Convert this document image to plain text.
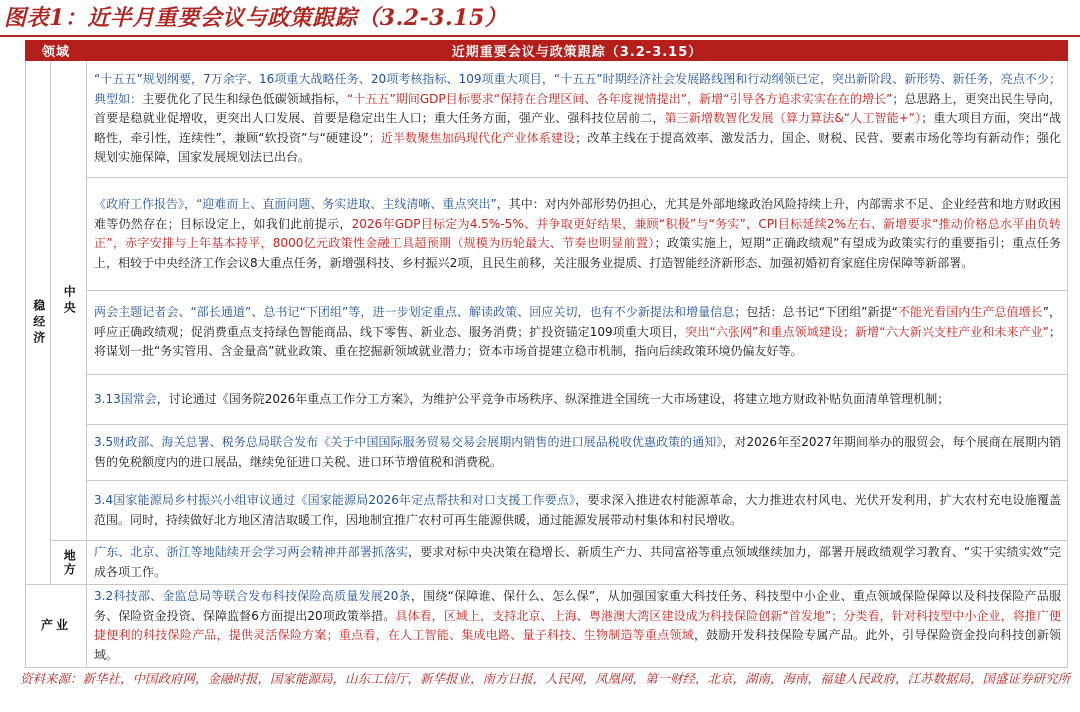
图表1：近半月重要会议与政策跟踪（3.2-3.15）
领域		近期重要会议与政策跟踪（3.2-3.15）
稳经济	中央	“十五五”规划纲要，7万余字、16项重大战略任务、20项考核指标、109项重大项目，“十五五”时期经济社会发展路线图和行动纲领已定，突出新阶段、新形势、新任务，亮点不少；典型如：主要优化了民生和绿色低碳领域指标，“十五五”期间GDP目标要求“保持在合理区间、各年度视情提出”，新增“引导各方追求实实在在的增长”；总思路上，更突出民生导向，首要是稳就业促增收，更突出人口发展、首要是稳定出生人口；重大任务方面，强产业、强科技位居前二，第三新增数智化发展（算力算法&“人工智能+”）；重大项目方面，突出“战略性，牵引性，连续性”，兼顾“软投资”与“硬建设”；近半数聚焦加码现代化产业体系建设；改革主线在于提高效率、激发活力，国企、财税、民营、要素市场化等均有新动作；强化规划实施保障，国家发展规划法已出台。
		《政府工作报告》，“迎难而上、直面问题、务实进取、主线清晰、重点突出”，其中：对内外部形势仍担心，尤其是外部地缘政治风险持续上升，内部需求不足、企业经营和地方财政困难等仍然存在；目标设定上，如我们此前提示，2026年GDP目标定为4.5%-5%、并争取更好结果，兼顾“积极”与“务实”，CPI目标延续2%左右、新增要求“推动价格总水平由负转正”，赤字安排与上年基本持平，8000亿元政策性金融工具超预期（规模为历轮最大、节奏也明显前置）；政策实施上，短期“正确政绩观”有望成为政策实行的重要指引；重点任务上，相较于中央经济工作会议8大重点任务，新增强科技、乡村振兴2项，且民生前移，关注服务业提质、打造智能经济新形态、加强初婚初育家庭住房保障等新部署。
		两会主题记者会、“部长通道”、总书记“下团组”等，进一步划定重点、解读政策、回应关切，也有不少新提法和增量信息；包括：总书记“下团组”新提“不能光看国内生产总值增长”，呼应正确政绩观；促消费重点支持绿色智能商品、线下零售、新业态、服务消费；扩投资锚定109项重大项目，突出“六张网”和重点领域建设；新增“六大新兴支柱产业和未来产业”；将谋划一批“务实管用、含金量高”就业政策、重在挖掘新领域就业潜力；资本市场首提建立稳市机制，指向后续政策环境仍偏友好等。
		3.13国常会，讨论通过《国务院2026年重点工作分工方案》，为维护公平竞争市场秩序、纵深推进全国统一大市场建设，将建立地方财政补贴负面清单管理机制；
		3.5财政部、海关总署、税务总局联合发布《关于中国国际服务贸易交易会展期内销售的进口展品税收优惠政策的通知》，对2026年至2027年期间举办的服贸会，每个展商在展期内销售的免税额度内的进口展品，继续免征进口关税、进口环节增值税和消费税。
		3.4国家能源局乡村振兴小组审议通过《国家能源局2026年定点帮扶和对口支援工作要点》，要求深入推进农村能源革命，大力推进农村风电、光伏开发利用，扩大农村充电设施覆盖范围。同时，持续做好北方地区清洁取暖工作，因地制宜推广农村可再生能源供暖，通过能源发展带动村集体和村民增收。
	地方	广东、北京、浙江等地陆续开会学习两会精神并部署抓落实，要求对标中央决策在稳增长、新质生产力、共同富裕等重点领域继续加力，部署开展政绩观学习教育、“实干实绩实效”完成各项工作。
产业		3.2科技部、金监总局等联合发布科技保险高质量发展20条，围绕“保障谁、保什么、怎么保”，从加强国家重大科技任务、科技型中小企业、重点领域保险保障以及科技保险产品服务、保险资金投资、保障监督6方面提出20项政策举措。具体看，区域上，支持北京、上海、粤港澳大湾区建设成为科技保险创新“首发地”；分类看，针对科技型中小企业，将推广便捷便利的科技保险产品，提供灵活保险方案；重点看，在人工智能、集成电路、量子科技、生物制造等重点领域，鼓励开发科技保险专属产品。此外，引导保险资金投向科技创新领域。
资料来源：新华社，中国政府网，金融时报，国家能源局，山东工信厅，新华报业，南方日报，人民网，凤凰网，第一财经，北京，湖南，海南，福建人民政府，江苏数据局，国盛证券研究所
